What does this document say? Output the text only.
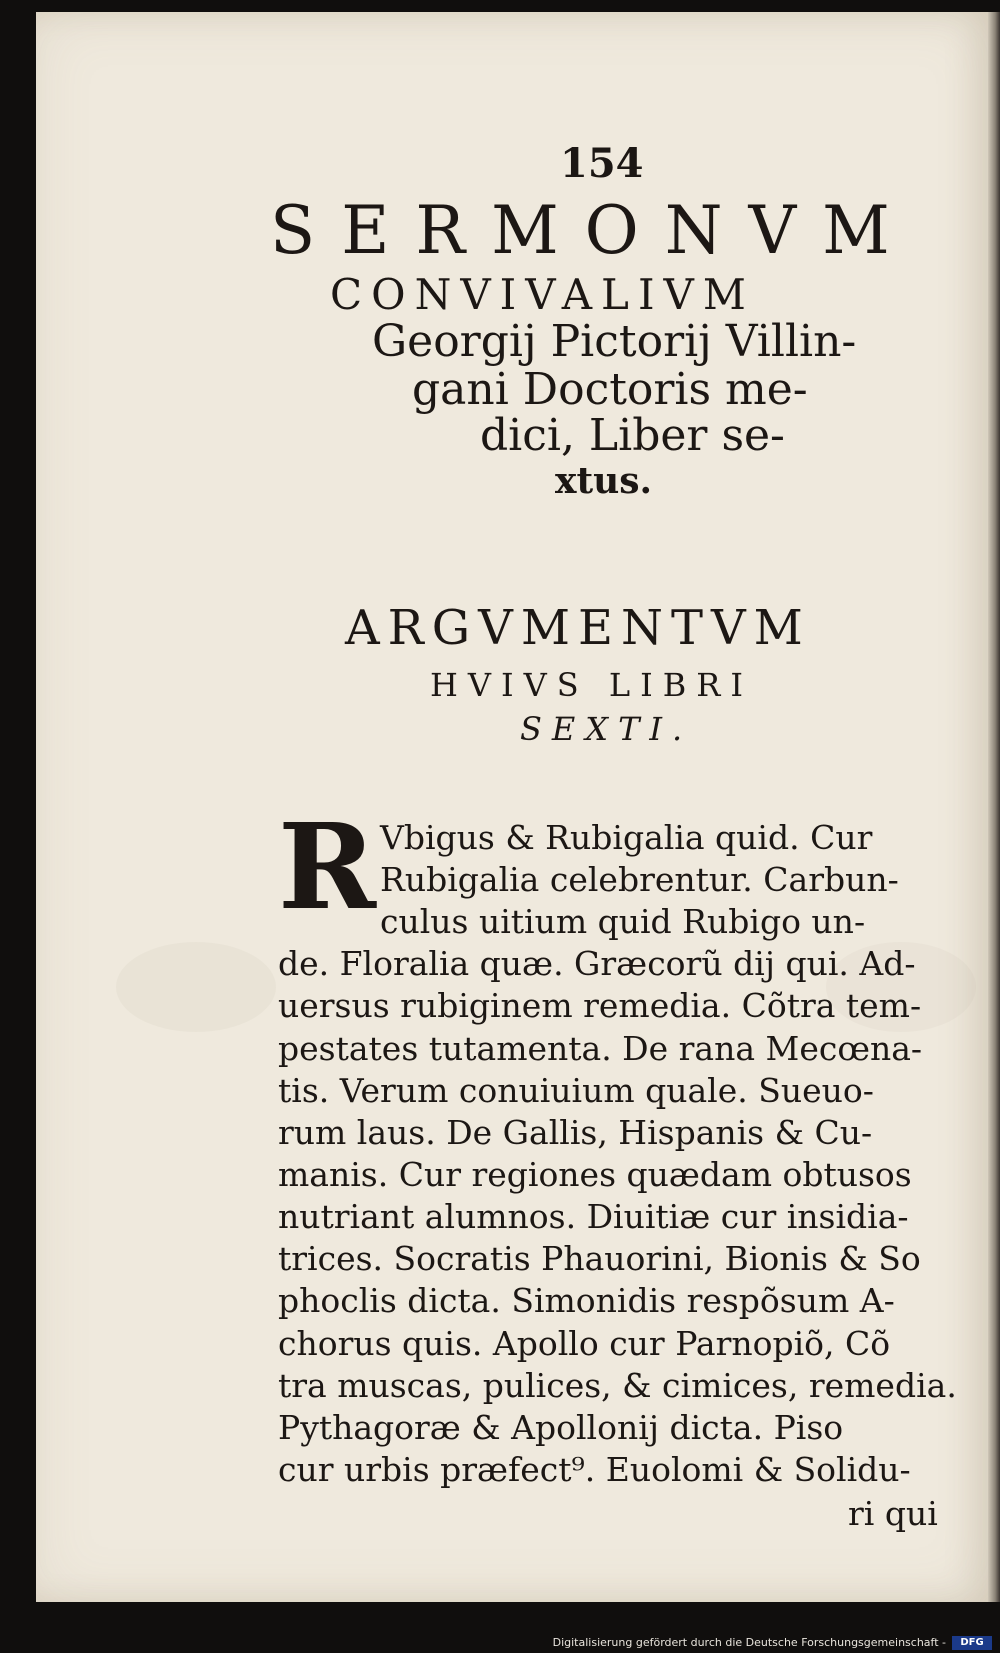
154
SERMONVM
CONVIVALIVM
Georgij Pictorij Villin-
gani Doctoris me-
dici, Liber se-
xtus.
ARGVMENTVM
HVIVS LIBRI
SEXTI.
R Vbigus & Rubigalia quid. Cur
Rubigalia celebrentur. Carbun-
culus uitium quid Rubigo un-
de. Floralia quæ. Græcorũ dij qui. Ad-
uersus rubiginem remedia. Cõtra tem-
pestates tutamenta. De rana Mecœna-
tis. Verum conuiuium quale. Sueuo-
rum laus. De Gallis, Hispanis & Cu-
manis. Cur regiones quædam obtusos
nutriant alumnos. Diuitiæ cur insidia-
trices. Socratis Phauorini, Bionis & So
phoclis dicta. Simonidis respõsum A-
chorus quis. Apollo cur Parnopiõ, Cõ
tra muscas, pulices, & cimices, remedia.
Pythagoræ & Apollonij dicta. Piso
cur urbis præfect⁹. Euolomi & Solidu-
ri qui
Digitalisierung gefördert durch die Deutsche Forschungsgemeinschaft -	DFG
